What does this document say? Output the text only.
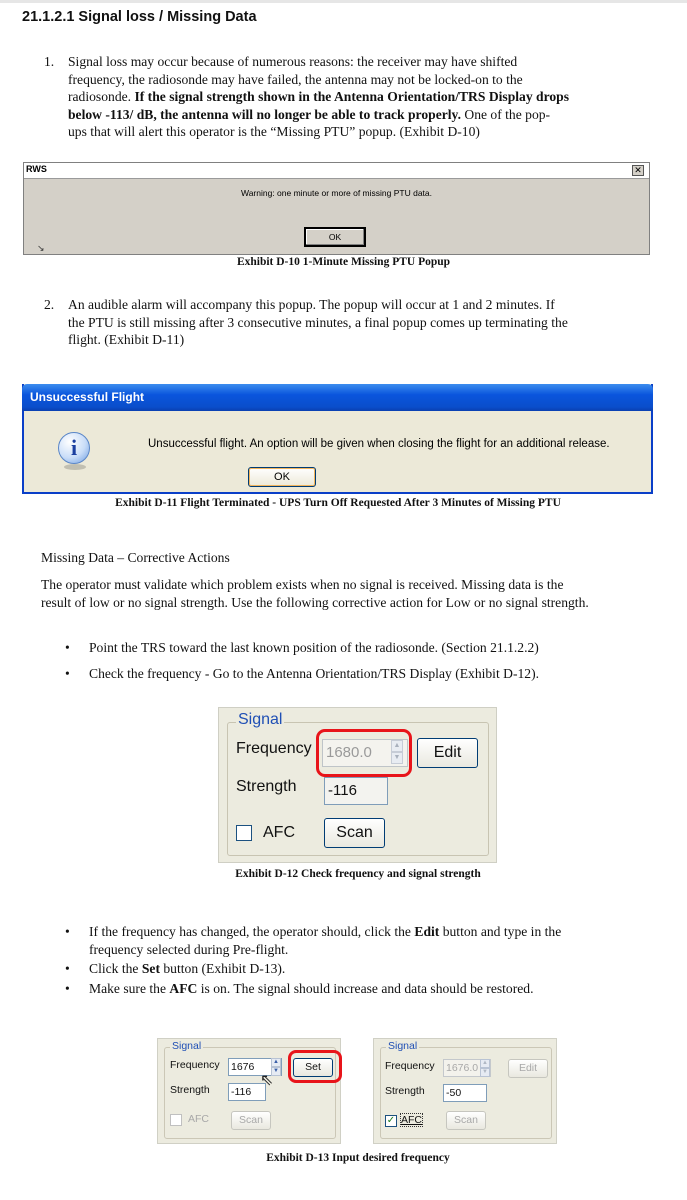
21.1.2.1 Signal loss / Missing Data
1. Signal loss may occur because of numerous reasons: the receiver may have shifted
frequency, the radiosonde may have failed, the antenna may not be locked-on to the
radiosonde. If the signal strength shown in the Antenna Orientation/TRS Display drops
below -113/ dB, the antenna will no longer be able to track properly. One of the pop-
ups that will alert this operator is the “Missing PTU” popup. (Exhibit D-10)
RWS	✕
Warning: one minute or more of missing PTU data.
OK
↘
Exhibit D-10 1-Minute Missing PTU Popup
2. An audible alarm will accompany this popup. The popup will occur at 1 and 2 minutes. If
the PTU is still missing after 3 consecutive minutes, a final popup comes up terminating the
flight. (Exhibit D-11)
Unsuccessful Flight
i	Unsuccessful flight. An option will be given when closing the flight for an additional release.
OK
Exhibit D-11 Flight Terminated - UPS Turn Off Requested After 3 Minutes of Missing PTU
Missing Data – Corrective Actions
The operator must validate which problem exists when no signal is received. Missing data is the
result of low or no signal strength. Use the following corrective action for Low or no signal strength.
• Point the TRS toward the last known position of the radiosonde. (Section 21.1.2.2)
• Check the frequency - Go to the Antenna Orientation/TRS Display (Exhibit D-12).
Signal
Frequency 1680.0	▲
▼	Edit
Strength -116
AFC	Scan
Exhibit D-12 Check frequency and signal strength
• If the frequency has changed, the operator should, click the Edit button and type in the
frequency selected during Pre-flight.
• Click the Set button (Exhibit D-13).
• Make sure the AFC is on. The signal should increase and data should be restored.
Signal
Frequency 1676	▲
▼	Set
Strength -116
AFC	Scan
⇖
Signal
Frequency 1676.0 ▲
▼	Edit
Strength -50
✓ AFC	Scan
Exhibit D-13 Input desired frequency
